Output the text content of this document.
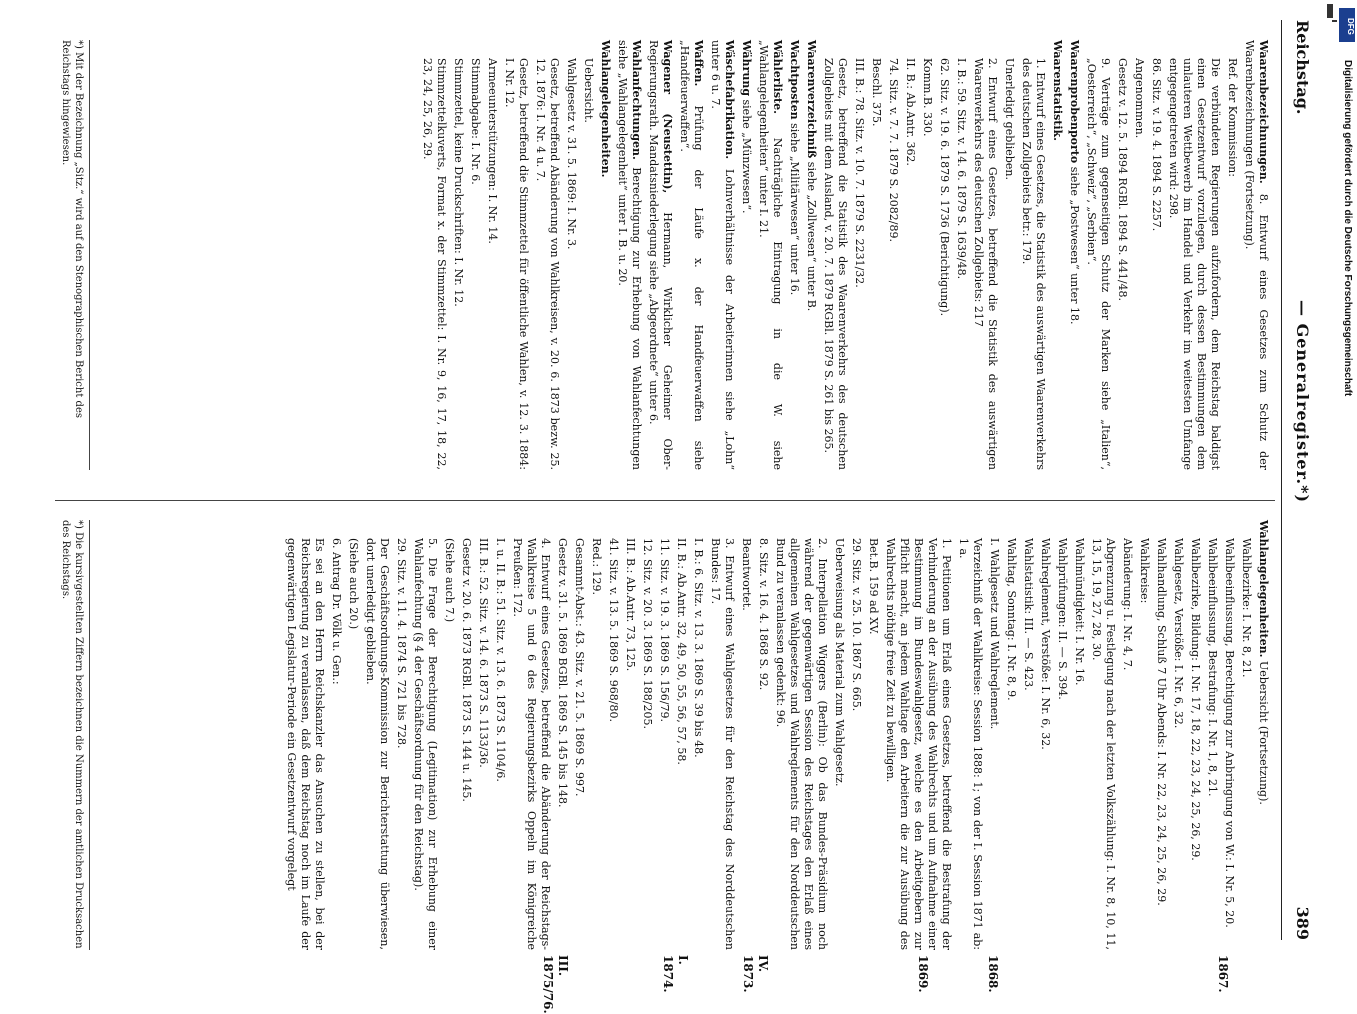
Reichstag.
— Generalregister.*)
389
Waarenbezeichnungen. 8. Entwurf eines Gesetzes zum Schutz der Waarenbezeichnungen (Fortsetzung).
Ref. der Kommission:
Die verbündeten Regierungen aufzufordern, dem Reichstag baldigst einen Gesetzentwurf vorzulegen, durch dessen Bestimmungen dem unlauteren Wettbewerb im Handel und Verkehr im weitesten Umfange entgegengetreten wird: 298.
86. Sitz. v. 19. 4. 1894 S. 2257.
Angenommen.
Gesetz v. 12. 5. 1894 RGBl. 1894 S. 441/48.
9. Verträge zum gegenseitigen Schutz der Marken siehe „Italien“, „Oesterreich“, „Schweiz“, „Serbien“.
Waarenprobenporto siehe „Postwesen“ unter 18.
Waarenstatistik.
1. Entwurf eines Gesetzes, die Statistik des auswärtigen Waarenverkehrs des deutschen Zollgebiets betr.: 179.
Unerledigt geblieben.
2. Entwurf eines Gesetzes, betreffend die Statistik des auswärtigen Waarenverkehrs des deutschen Zollgebiets: 217
I. B.: 59. Sitz. v. 14. 6. 1879 S. 1639/48.
62. Sitz. v. 19. 6. 1879 S. 1736 (Berichtigung).
Komm.B. 330.
II. B.: Ab.Antr. 362.
74. Sitz. v. 7. 7. 1879 S. 2082/89.
Beschl. 375.
III. B.: 78. Sitz. v. 10. 7. 1879 S. 2231/32.
Gesetz, betreffend die Statistik des Waarenverkehrs des deutschen Zollgebiets mit dem Ausland, v. 20. 7. 1879 RGBl. 1879 S. 261 bis 265.
Waarenverzeichniß siehe „Zollwesen“ unter B.
Wachtposten siehe „Militärwesen“ unter 16.
Wählerliste. Nachträgliche Eintragung in die W. siehe „Wahlangelegenheiten“ unter I. 21.
Währung siehe „Münzwesen“.
Wäschefabrikation. Lohnverhältnisse der Arbeiterinnen siehe „Lohn“ unter 6 u. 7.
Waffen. Prüfung der Läufe x. der Handfeuerwaffen siehe „Handfeuerwaffen“.
Wagener (Neustettin), Hermann, Wirklicher Geheimer Ober-Regierungsrath. Mandatsniederlegung siehe „Abgeordnete“ unter 6.
Wahlanfechtungen. Berechtigung zur Erhebung von Wahlanfechtungen siehe „Wahlangelegenheit“ unter I. B. u. 20.
Wahlangelegenheiten.
Uebersicht.
Wahlgesetz v. 31. 5. 1869: I. Nr. 3.
Gesetz, betreffend Abänderung von Wahlkreisen, v. 20. 6. 1873 bezw. 25. 12. 1876: I. Nr. 4 u. 7.
Gesetz, betreffend die Stimmzettel für öffentliche Wahlen, v. 12. 3. 1884: I. Nr. 12.
Armeeunterstützungen: I. Nr. 14.
Stimmabgabe: I. Nr. 6.
Stimmzettel, keine Druckschriften: I. Nr. 12.
Stimmzettelkuverts, Format x. der Stimmzettel: I. Nr. 9, 16, 17, 18, 22, 23, 24, 25, 26, 29.
Wahlangelegenheiten. Uebersicht (Fortsetzung).
Wahlbezirke: I. Nr. 8, 21.
Wahlbeeinflussung, Berechtigung zur Anbringung von W.: I. Nr. 5, 20.
Wahlbeeinflussung, Bestrafung: I. Nr. 1, 8, 21.
Wahlbezirke, Bildung: I. Nr. 17, 18, 22, 23, 24, 25, 26, 29.
Wahlgesetz, Verstöße: I. Nr. 6, 32.
Wahlhandlung, Schluß 7 Uhr Abends: I. Nr. 22, 23, 24, 25, 26, 29.
Wahlkreise:
Abänderung: I. Nr. 4, 7.
Abgrenzung u. Festlegung nach der letzten Volkszählung: I. Nr. 8, 10, 11, 13, 15, 19, 27, 28, 30.
Wahlmündigkeit: I. Nr. 16.
Wahlprüfungen: II. — S. 394.
Wahlreglement, Verstöße: I. Nr. 6, 32.
Wahlstatistik: III. — S. 423.
Wahltag, Sonntag: I. Nr. 8, 9.
I. Wahlgesetz und Wahlreglement.
Verzeichniß der Wahlkreise: Session 1888: 1; von der I. Session 1871 ab: 1 a.
1. Petitionen um Erlaß eines Gesetzes, betreffend die Bestrafung der Verhinderung an der Ausübung des Wahlrechts und um Aufnahme einer Bestimmung im Bundeswahlgesetz, welche es den Arbeitgebern zur Pflicht macht, an jedem Wahltage den Arbeitern die zur Ausübung des Wahlrechts nöthige freie Zeit zu bewilligen.
Bet.B. 159 ad XV.
29. Sitz. v. 25. 10. 1867 S. 665.
Ueberweisung als Material zum Wahlgesetz.
2. Interpellation Wiggers (Berlin): Ob das Bundes-Präsidium noch während der gegenwärtigen Session des Reichstages den Erlaß eines allgemeinen Wahlgesetzes und Wahlreglements für den Norddeutschen Bund zu veranlassen gedenkt: 96.
8. Sitz. v. 16. 4. 1868 S. 92.
Beantwortet.
3. Entwurf eines Wahlgesetzes für den Reichstag des Norddeutschen Bundes: 17.
I. B.: 6. Sitz. v. 13. 3. 1869 S. 39 bis 48.
II. B.: Ab.Antr. 32, 49, 50, 55, 56, 57, 58.
11. Sitz. v. 19. 3. 1869 S. 156/79.
12. Sitz. v. 20. 3. 1869 S. 188/205.
III. B.: Ab.Antr. 73, 125.
41. Sitz. v. 13. 5. 1869 S. 968/80.
Red.: 129.
Gesammt-Abst.: 43. Sitz. v. 21. 5. 1869 S. 997.
Gesetz v. 31. 5. 1869 BGBl. 1869 S. 145 bis 148.
4. Entwurf eines Gesetzes, betreffend die Abänderung der Reichstags-Wahlkreise 5 und 6 des Regierungsbezirks Oppeln im Königreiche Preußen: 172.
I. u. II. B.: 51. Sitz. v. 13. 6. 1873 S. 1104/6.
III. B.: 52. Sitz. v. 14. 6. 1873 S. 1133/36.
Gesetz v. 20. 6. 1873 RGBl. 1873 S. 144 u. 145.
(Siehe auch 7.)
5. Die Frage der Berechtigung (Legitimation) zur Erhebung einer Wahlanfechtung (§ 4 der Geschäftsordnung für den Reichstag).
29. Sitz. v. 11. 4. 1874 S. 721 bis 728.
Der Geschäftsordnungs-Kommission zur Berichterstattung überwiesen, dort unerledigt geblieben.
(Siehe auch 20.)
6. Antrag Dr. Völk u. Gen.:
Es sei an den Herrn Reichskanzler das Ansuchen zu stellen, bei der Reichsregierung zu veranlassen, daß dem Reichstag noch im Laufe der gegenwärtigen Legislatur-Periode ein Gesetzentwurf vorgelegt
*) Mit der Bezeichnung „Sitz.“ wird auf den Stenographischen Bericht des Reichstags hingewiesen.
*) Die kursivgestellten Ziffern bezeichnen die Nummern der amtlichen Drucksachen des Reichstags.
1867.
1868.
1869.
IV.
1873.
I.
1874.
III.
1875/76.
DFG
Digitalisierung gefördert durch die Deutsche Forschungsgemeinschaft
